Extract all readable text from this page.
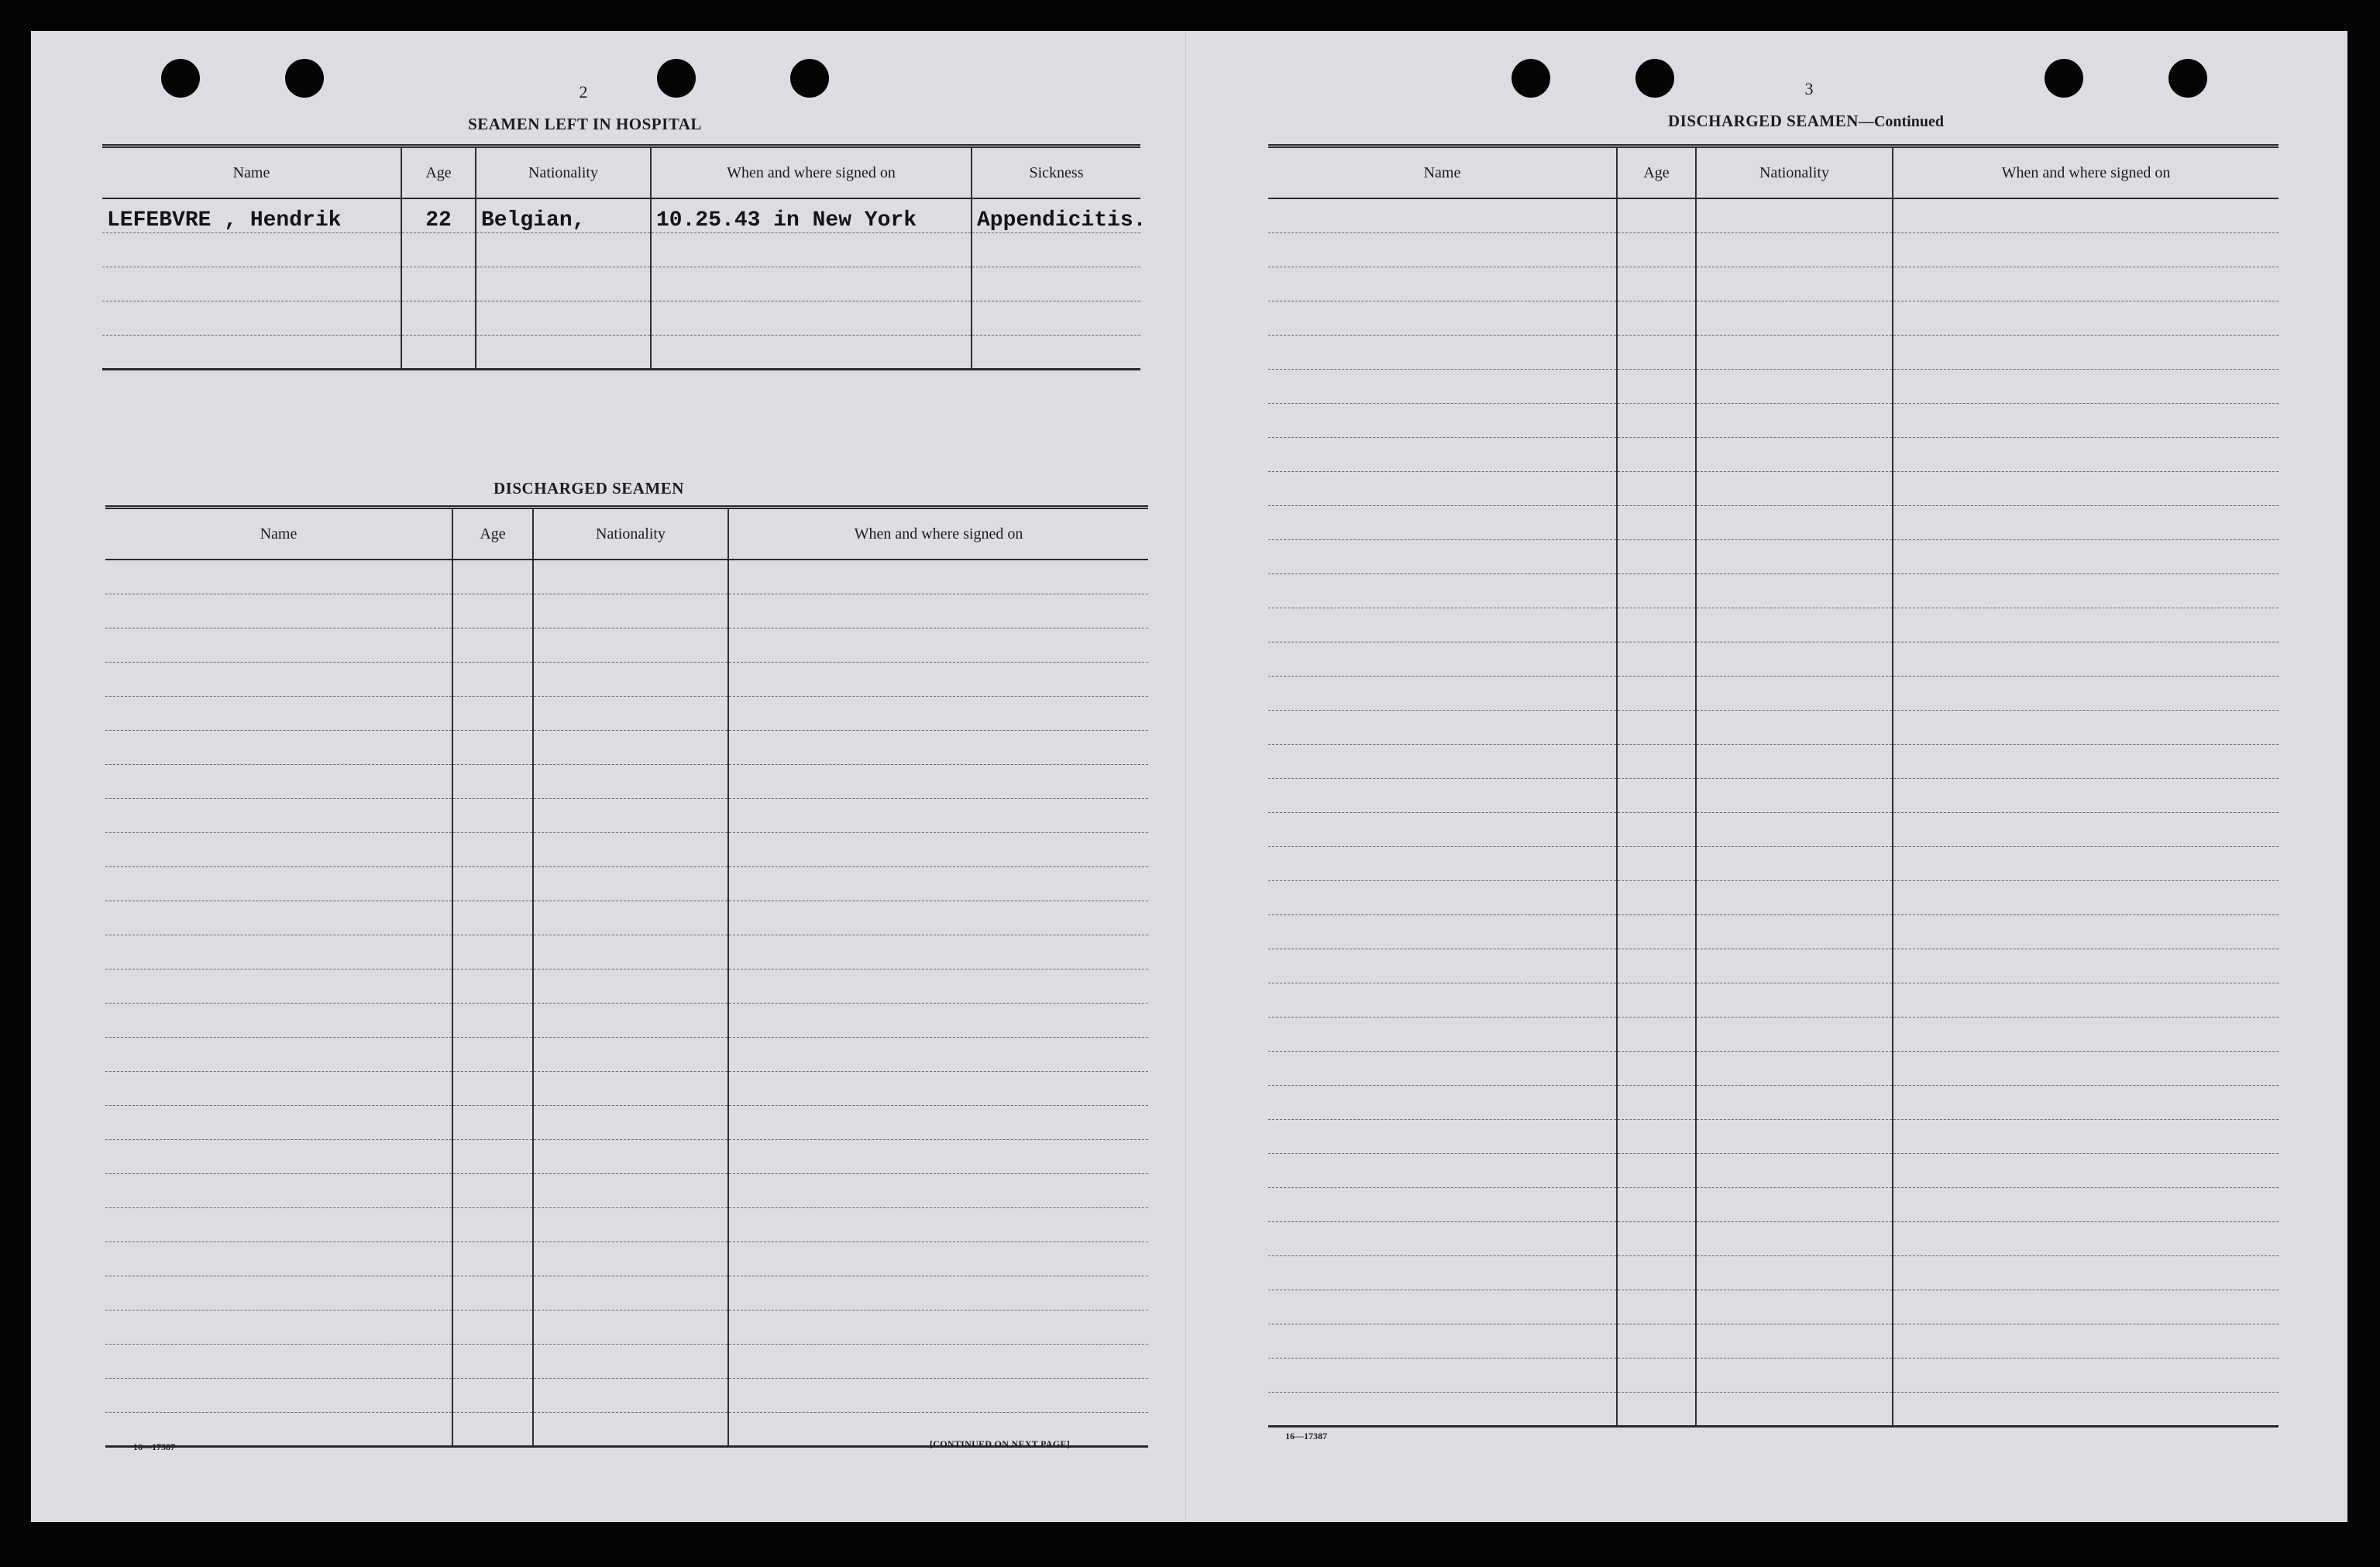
2
SEAMEN LEFT IN HOSPITAL
Name	Age	Nationality	When and where signed on	Sickness
LEFEBVRE , Hendrik	22	Belgian,	10.25.43 in New York	Appendicitis.

DISCHARGED SEAMEN
Name	Age	Nationality	When and where signed on

16—17387	[CONTINUED ON NEXT PAGE]
3
DISCHARGED SEAMEN—Continued
Name	Age	Nationality	When and where signed on

16—17387
